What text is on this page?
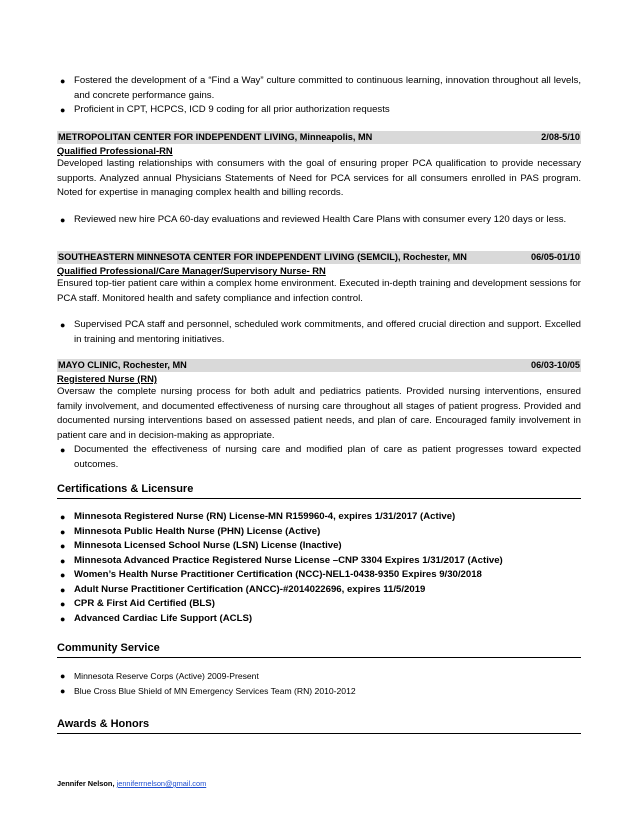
● Fostered the development of a “Find a Way” culture committed to continuous learning, innovation throughout all levels, and concrete performance gains.
● Proficient in CPT, HCPCS, ICD 9 coding for all prior authorization requests
METROPOLITAN CENTER FOR INDEPENDENT LIVING, Minneapolis, MN	2/08-5/10
Qualified Professional-RN
Developed lasting relationships with consumers with the goal of ensuring proper PCA qualification to provide necessary supports. Analyzed annual Physicians Statements of Need for PCA services for all consumers enrolled in PAS program. Noted for expertise in managing complex health and billing records.
● Reviewed new hire PCA 60-day evaluations and reviewed Health Care Plans with consumer every 120 days or less.
SOUTHEASTERN MINNESOTA CENTER FOR INDEPENDENT LIVING (SEMCIL), Rochester, MN	06/05-01/10
Qualified Professional/Care Manager/Supervisory Nurse- RN
Ensured top-tier patient care within a complex home environment. Executed in-depth training and development sessions for PCA staff. Monitored health and safety compliance and infection control.
● Supervised PCA staff and personnel, scheduled work commitments, and offered crucial direction and support. Excelled in training and mentoring initiatives.
MAYO CLINIC, Rochester, MN	06/03-10/05
Registered Nurse (RN)
Oversaw the complete nursing process for both adult and pediatrics patients. Provided nursing interventions, ensured family involvement, and documented effectiveness of nursing care throughout all stages of patient progress. Provided and documented nursing interventions based on assessed patient needs, and plan of care. Encouraged family involvement in patient care and in decision-making as appropriate.
● Documented the effectiveness of nursing care and modified plan of care as patient progresses toward expected outcomes.
Certifications & Licensure
● Minnesota Registered Nurse (RN) License-MN R159960-4, expires 1/31/2017 (Active)
● Minnesota Public Health Nurse (PHN) License (Active)
● Minnesota Licensed School Nurse (LSN) License (Inactive)
● Minnesota Advanced Practice Registered Nurse License –CNP 3304 Expires 1/31/2017 (Active)
● Women’s Health Nurse Practitioner Certification (NCC)-NEL1-0438-9350 Expires 9/30/2018
● Adult Nurse Practitioner Certification (ANCC)-#2014022696, expires 11/5/2019
● CPR & First Aid Certified (BLS)
● Advanced Cardiac Life Support (ACLS)
Community Service
● Minnesota Reserve Corps (Active) 2009-Present
● Blue Cross Blue Shield of MN Emergency Services Team (RN) 2010-2012
Awards & Honors
Jennifer Nelson, jenniferrnelson@gmail.com
